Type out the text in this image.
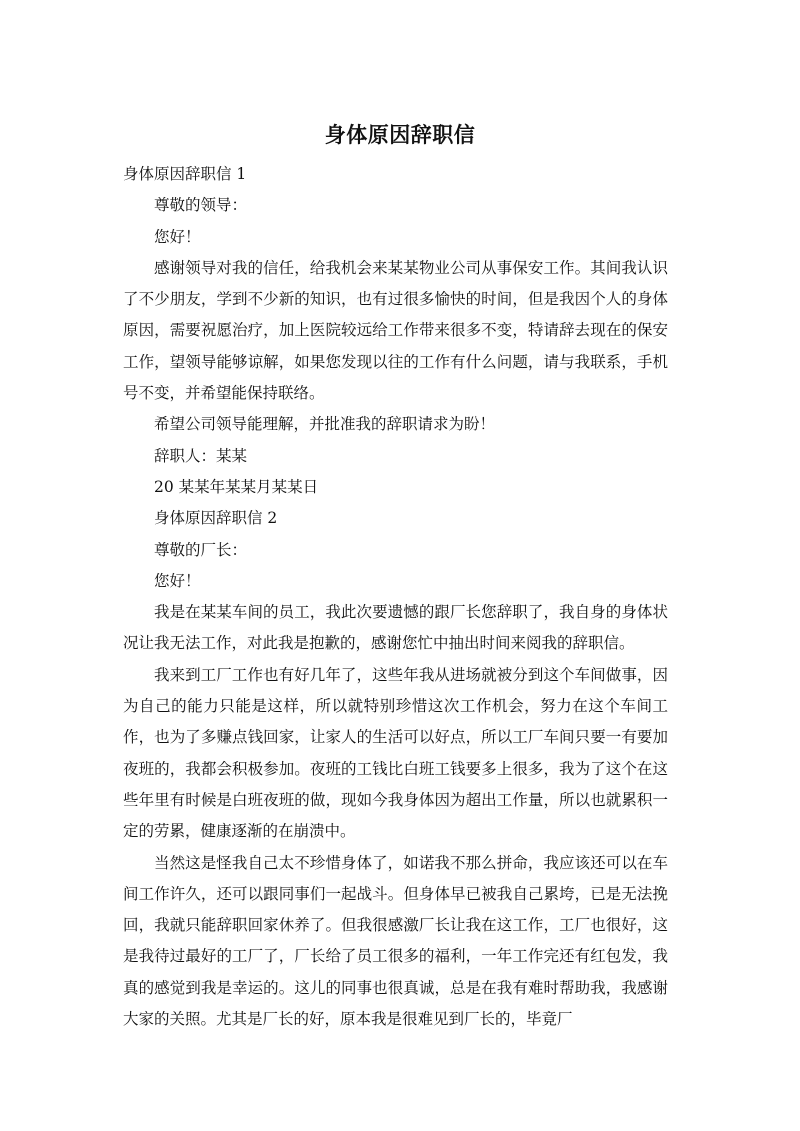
身体原因辞职信

身体原因辞职信 1

尊敬的领导：

您好！

感谢领导对我的信任，给我机会来某某物业公司从事保安工作。其间我认识了不少朋友，学到不少新的知识，也有过很多愉快的时间，但是我因个人的身体原因，需要祝愿治疗，加上医院较远给工作带来很多不变，特请辞去现在的保安工作，望领导能够谅解，如果您发现以往的工作有什么问题，请与我联系，手机号不变，并希望能保持联络。

希望公司领导能理解，并批准我的辞职请求为盼！

辞职人：某某

20 某某年某某月某某日

身体原因辞职信 2

尊敬的厂长：

您好！

我是在某某车间的员工，我此次要遗憾的跟厂长您辞职了，我自身的身体状况让我无法工作，对此我是抱歉的，感谢您忙中抽出时间来阅我的辞职信。

我来到工厂工作也有好几年了，这些年我从进场就被分到这个车间做事，因为自己的能力只能是这样，所以就特别珍惜这次工作机会，努力在这个车间工作，也为了多赚点钱回家，让家人的生活可以好点，所以工厂车间只要一有要加夜班的，我都会积极参加。夜班的工钱比白班工钱要多上很多，我为了这个在这些年里有时候是白班夜班的做，现如今我身体因为超出工作量，所以也就累积一定的劳累，健康逐渐的在崩溃中。

当然这是怪我自己太不珍惜身体了，如诺我不那么拼命，我应该还可以在车间工作许久，还可以跟同事们一起战斗。但身体早已被我自己累垮，已是无法挽回，我就只能辞职回家休养了。但我很感激厂长让我在这工作，工厂也很好，这是我待过最好的工厂了，厂长给了员工很多的福利，一年工作完还有红包发，我真的感觉到我是幸运的。这儿的同事也很真诚，总是在我有难时帮助我，我感谢大家的关照。尤其是厂长的好，原本我是很难见到厂长的，毕竟厂
